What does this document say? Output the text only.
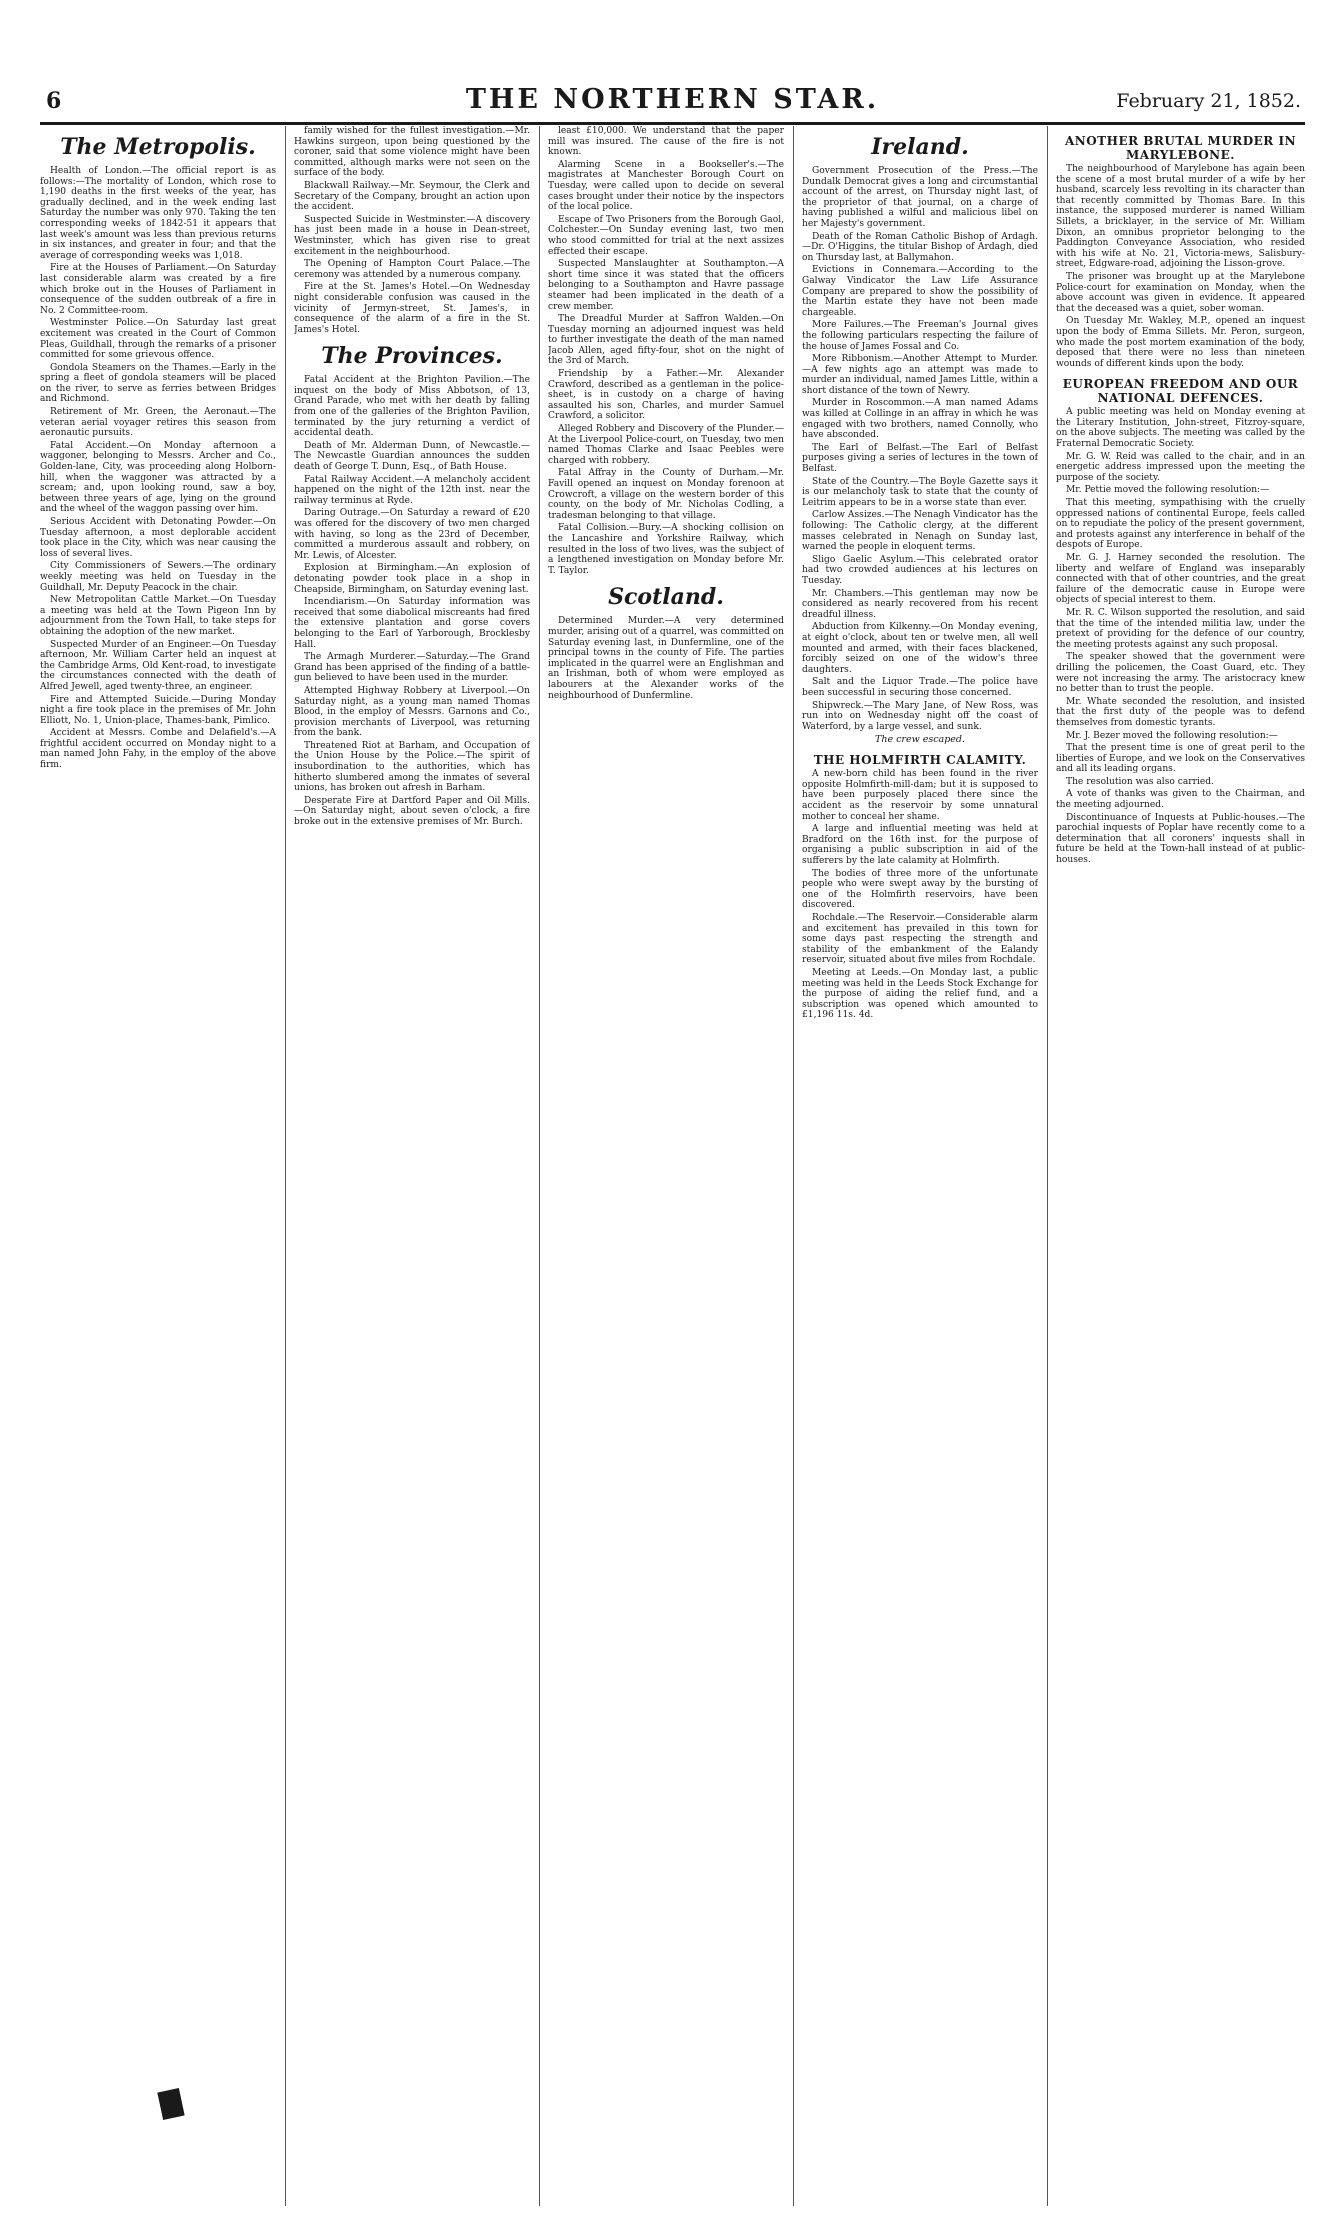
6	THE NORTHERN STAR.	February 21, 1852.
The Metropolis.

Health of London.—The official report is as follows:—The mortality of London, which rose to 1,190 deaths in the first weeks of the year, has gradually declined, and in the week ending last Saturday the number was only 970. Taking the ten corresponding weeks of 1842-51 it appears that last week's amount was less than previous returns in six instances, and greater in four; and that the average of corresponding weeks was 1,018.

Fire at the Houses of Parliament.—On Saturday last considerable alarm was created by a fire which broke out in the Houses of Parliament in consequence of the sudden outbreak of a fire in No. 2 Committee-room.

Westminster Police.—On Saturday last great excitement was created in the Court of Common Pleas, Guildhall, through the remarks of a prisoner committed for some grievous offence.

Gondola Steamers on the Thames.—Early in the spring a fleet of gondola steamers will be placed on the river, to serve as ferries between Bridges and Richmond.

Retirement of Mr. Green, the Aeronaut.—The veteran aerial voyager retires this season from aeronautic pursuits.

Fatal Accident.—On Monday afternoon a waggoner, belonging to Messrs. Archer and Co., Golden-lane, City, was proceeding along Holborn-hill, when the waggoner was attracted by a scream; and, upon looking round, saw a boy, between three years of age, lying on the ground and the wheel of the waggon passing over him.

Serious Accident with Detonating Powder.—On Tuesday afternoon, a most deplorable accident took place in the City, which was near causing the loss of several lives.

City Commissioners of Sewers.—The ordinary weekly meeting was held on Tuesday in the Guildhall, Mr. Deputy Peacock in the chair.

New Metropolitan Cattle Market.—On Tuesday a meeting was held at the Town Pigeon Inn by adjournment from the Town Hall, to take steps for obtaining the adoption of the new market.

Suspected Murder of an Engineer.—On Tuesday afternoon, Mr. William Carter held an inquest at the Cambridge Arms, Old Kent-road, to investigate the circumstances connected with the death of Alfred Jewell, aged twenty-three, an engineer.

Fire and Attempted Suicide.—During Monday night a fire took place in the premises of Mr. John Elliott, No. 1, Union-place, Thames-bank, Pimlico.

Accident at Messrs. Combe and Delafield's.—A frightful accident occurred on Monday night to a man named John Fahy, in the employ of the above firm.

family wished for the fullest investigation.—Mr. Hawkins surgeon, upon being questioned by the coroner, said that some violence might have been committed, although marks were not seen on the surface of the body.

Blackwall Railway.—Mr. Seymour, the Clerk and Secretary of the Company, brought an action upon the accident.

Suspected Suicide in Westminster.—A discovery has just been made in a house in Dean-street, Westminster, which has given rise to great excitement in the neighbourhood.

The Opening of Hampton Court Palace.—The ceremony was attended by a numerous company.

Fire at the St. James's Hotel.—On Wednesday night considerable confusion was caused in the vicinity of Jermyn-street, St. James's, in consequence of the alarm of a fire in the St. James's Hotel.

The Provinces.

Fatal Accident at the Brighton Pavilion.—The inquest on the body of Miss Abbotson, of 13, Grand Parade, who met with her death by falling from one of the galleries of the Brighton Pavilion, terminated by the jury returning a verdict of accidental death.

Death of Mr. Alderman Dunn, of Newcastle.—The Newcastle Guardian announces the sudden death of George T. Dunn, Esq., of Bath House.

Fatal Railway Accident.—A melancholy accident happened on the night of the 12th inst. near the railway terminus at Ryde.

Daring Outrage.—On Saturday a reward of £20 was offered for the discovery of two men charged with having, so long as the 23rd of December, committed a murderous assault and robbery, on Mr. Lewis, of Alcester.

Explosion at Birmingham.—An explosion of detonating powder took place in a shop in Cheapside, Birmingham, on Saturday evening last.

Incendiarism.—On Saturday information was received that some diabolical miscreants had fired the extensive plantation and gorse covers belonging to the Earl of Yarborough, Brocklesby Hall.

The Armagh Murderer.—Saturday.—The Grand Grand has been apprised of the finding of a battle-gun believed to have been used in the murder.

Attempted Highway Robbery at Liverpool.—On Saturday night, as a young man named Thomas Blood, in the employ of Messrs. Garnons and Co., provision merchants of Liverpool, was returning from the bank.

Threatened Riot at Barham, and Occupation of the Union House by the Police.—The spirit of insubordination to the authorities, which has hitherto slumbered among the inmates of several unions, has broken out afresh in Barham.

Desperate Fire at Dartford Paper and Oil Mills.—On Saturday night, about seven o'clock, a fire broke out in the extensive premises of Mr. Burch.

least £10,000. We understand that the paper mill was insured. The cause of the fire is not known.

Alarming Scene in a Bookseller's.—The magistrates at Manchester Borough Court on Tuesday, were called upon to decide on several cases brought under their notice by the inspectors of the local police.

Escape of Two Prisoners from the Borough Gaol, Colchester.—On Sunday evening last, two men who stood committed for trial at the next assizes effected their escape.

Suspected Manslaughter at Southampton.—A short time since it was stated that the officers belonging to a Southampton and Havre passage steamer had been implicated in the death of a crew member.

The Dreadful Murder at Saffron Walden.—On Tuesday morning an adjourned inquest was held to further investigate the death of the man named Jacob Allen, aged fifty-four, shot on the night of the 3rd of March.

Friendship by a Father.—Mr. Alexander Crawford, described as a gentleman in the police-sheet, is in custody on a charge of having assaulted his son, Charles, and murder Samuel Crawford, a solicitor.

Alleged Robbery and Discovery of the Plunder.—At the Liverpool Police-court, on Tuesday, two men named Thomas Clarke and Isaac Peebles were charged with robbery.

Fatal Affray in the County of Durham.—Mr. Favill opened an inquest on Monday forenoon at Crowcroft, a village on the western border of this county, on the body of Mr. Nicholas Codling, a tradesman belonging to that village.

Fatal Collision.—Bury.—A shocking collision on the Lancashire and Yorkshire Railway, which resulted in the loss of two lives, was the subject of a lengthened investigation on Monday before Mr. T. Taylor.

Scotland.

Determined Murder.—A very determined murder, arising out of a quarrel, was committed on Saturday evening last, in Dunfermline, one of the principal towns in the county of Fife. The parties implicated in the quarrel were an Englishman and an Irishman, both of whom were employed as labourers at the Alexander works of the neighbourhood of Dunfermline.

Ireland.

Government Prosecution of the Press.—The Dundalk Democrat gives a long and circumstantial account of the arrest, on Thursday night last, of the proprietor of that journal, on a charge of having published a wilful and malicious libel on her Majesty's government.

Death of the Roman Catholic Bishop of Ardagh.—Dr. O'Higgins, the titular Bishop of Ardagh, died on Thursday last, at Ballymahon.

Evictions in Connemara.—According to the Galway Vindicator the Law Life Assurance Company are prepared to show the possibility of the Martin estate they have not been made chargeable.

More Failures.—The Freeman's Journal gives the following particulars respecting the failure of the house of James Fossal and Co.

More Ribbonism.—Another Attempt to Murder.—A few nights ago an attempt was made to murder an individual, named James Little, within a short distance of the town of Newry.

Murder in Roscommon.—A man named Adams was killed at Collinge in an affray in which he was engaged with two brothers, named Connolly, who have absconded.

The Earl of Belfast.—The Earl of Belfast purposes giving a series of lectures in the town of Belfast.

State of the Country.—The Boyle Gazette says it is our melancholy task to state that the county of Leitrim appears to be in a worse state than ever.

Carlow Assizes.—The Nenagh Vindicator has the following: The Catholic clergy, at the different masses celebrated in Nenagh on Sunday last, warned the people in eloquent terms.

Sligo Gaelic Asylum.—This celebrated orator had two crowded audiences at his lectures on Tuesday.

Mr. Chambers.—This gentleman may now be considered as nearly recovered from his recent dreadful illness.

Abduction from Kilkenny.—On Monday evening, at eight o'clock, about ten or twelve men, all well mounted and armed, with their faces blackened, forcibly seized on one of the widow's three daughters.

Salt and the Liquor Trade.—The police have been successful in securing those concerned.

Shipwreck.—The Mary Jane, of New Ross, was run into on Wednesday night off the coast of Waterford, by a large vessel, and sunk.

The crew escaped.
THE HOLMFIRTH CALAMITY.

A new-born child has been found in the river opposite Holmfirth-mill-dam; but it is supposed to have been purposely placed there since the accident as the reservoir by some unnatural mother to conceal her shame.

A large and influential meeting was held at Bradford on the 16th inst. for the purpose of organising a public subscription in aid of the sufferers by the late calamity at Holmfirth.

The bodies of three more of the unfortunate people who were swept away by the bursting of one of the Holmfirth reservoirs, have been discovered.

Rochdale.—The Reservoir.—Considerable alarm and excitement has prevailed in this town for some days past respecting the strength and stability of the embankment of the Ealandy reservoir, situated about five miles from Rochdale.

Meeting at Leeds.—On Monday last, a public meeting was held in the Leeds Stock Exchange for the purpose of aiding the relief fund, and a subscription was opened which amounted to £1,196 11s. 4d.

ANOTHER BRUTAL MURDER IN MARYLEBONE.

The neighbourhood of Marylebone has again been the scene of a most brutal murder of a wife by her husband, scarcely less revolting in its character than that recently committed by Thomas Bare. In this instance, the supposed murderer is named William Sillets, a bricklayer, in the service of Mr. William Dixon, an omnibus proprietor belonging to the Paddington Conveyance Association, who resided with his wife at No. 21, Victoria-mews, Salisbury-street, Edgware-road, adjoining the Lisson-grove.

The prisoner was brought up at the Marylebone Police-court for examination on Monday, when the above account was given in evidence. It appeared that the deceased was a quiet, sober woman.

On Tuesday Mr. Wakley, M.P., opened an inquest upon the body of Emma Sillets. Mr. Peron, surgeon, who made the post mortem examination of the body, deposed that there were no less than nineteen wounds of different kinds upon the body.

EUROPEAN FREEDOM AND OUR NATIONAL DEFENCES.

A public meeting was held on Monday evening at the Literary Institution, John-street, Fitzroy-square, on the above subjects. The meeting was called by the Fraternal Democratic Society.

Mr. G. W. Reid was called to the chair, and in an energetic address impressed upon the meeting the purpose of the society.

Mr. Pettie moved the following resolution:—

That this meeting, sympathising with the cruelly oppressed nations of continental Europe, feels called on to repudiate the policy of the present government, and protests against any interference in behalf of the despots of Europe.

Mr. G. J. Harney seconded the resolution. The liberty and welfare of England was inseparably connected with that of other countries, and the great failure of the democratic cause in Europe were objects of special interest to them.

Mr. R. C. Wilson supported the resolution, and said that the time of the intended militia law, under the pretext of providing for the defence of our country, the meeting protests against any such proposal.

The speaker showed that the government were drilling the policemen, the Coast Guard, etc. They were not increasing the army. The aristocracy knew no better than to trust the people.

Mr. Whate seconded the resolution, and insisted that the first duty of the people was to defend themselves from domestic tyrants.

Mr. J. Bezer moved the following resolution:—

That the present time is one of great peril to the liberties of Europe, and we look on the Conservatives and all its leading organs.

The resolution was also carried.

A vote of thanks was given to the Chairman, and the meeting adjourned.

Discontinuance of Inquests at Public-houses.—The parochial inquests of Poplar have recently come to a determination that all coroners' inquests shall in future be held at the Town-hall instead of at public-houses.
